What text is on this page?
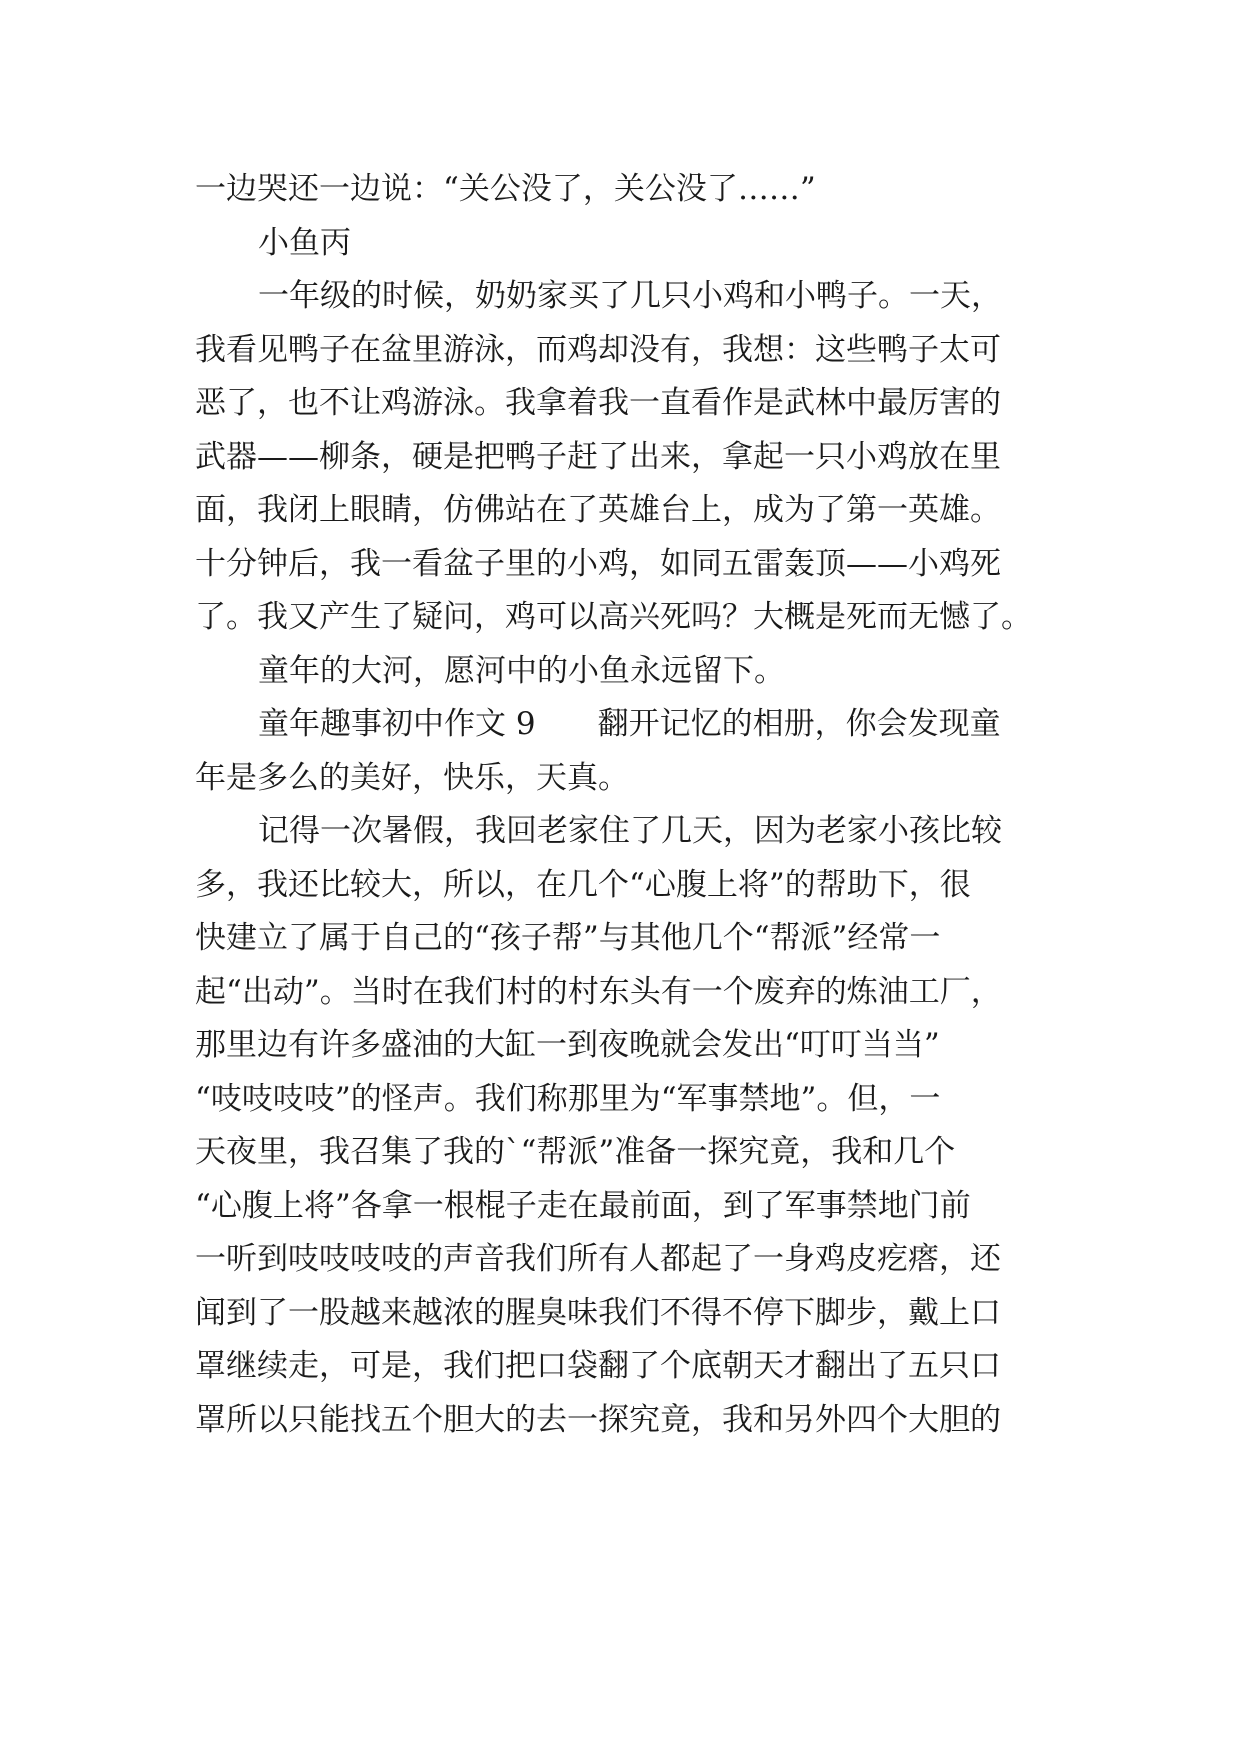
一边哭还一边说：“关公没了，关公没了……”
小鱼丙
一年级的时候，奶奶家买了几只小鸡和小鸭子。一天，
我看见鸭子在盆里游泳，而鸡却没有，我想：这些鸭子太可
恶了，也不让鸡游泳。我拿着我一直看作是武林中最厉害的
武器——柳条，硬是把鸭子赶了出来，拿起一只小鸡放在里
面，我闭上眼睛，仿佛站在了英雄台上，成为了第一英雄。
十分钟后，我一看盆子里的小鸡，如同五雷轰顶——小鸡死
了。我又产生了疑问，鸡可以高兴死吗？大概是死而无憾了。
童年的大河，愿河中的小鱼永远留下。
童年趣事初中作文 9　　翻开记忆的相册，你会发现童
年是多么的美好，快乐，天真。
记得一次暑假，我回老家住了几天，因为老家小孩比较
多，我还比较大，所以，在几个“心腹上将”的帮助下，很
快建立了属于自己的“孩子帮”与其他几个“帮派”经常一
起“出动”。当时在我们村的村东头有一个废弃的炼油工厂，
那里边有许多盛油的大缸一到夜晚就会发出“叮叮当当”
“吱吱吱吱”的怪声。我们称那里为“军事禁地”。但，一
天夜里，我召集了我的`“帮派”准备一探究竟，我和几个
“心腹上将”各拿一根棍子走在最前面，到了军事禁地门前
一听到吱吱吱吱的声音我们所有人都起了一身鸡皮疙瘩，还
闻到了一股越来越浓的腥臭味我们不得不停下脚步，戴上口
罩继续走，可是，我们把口袋翻了个底朝天才翻出了五只口
罩所以只能找五个胆大的去一探究竟，我和另外四个大胆的
